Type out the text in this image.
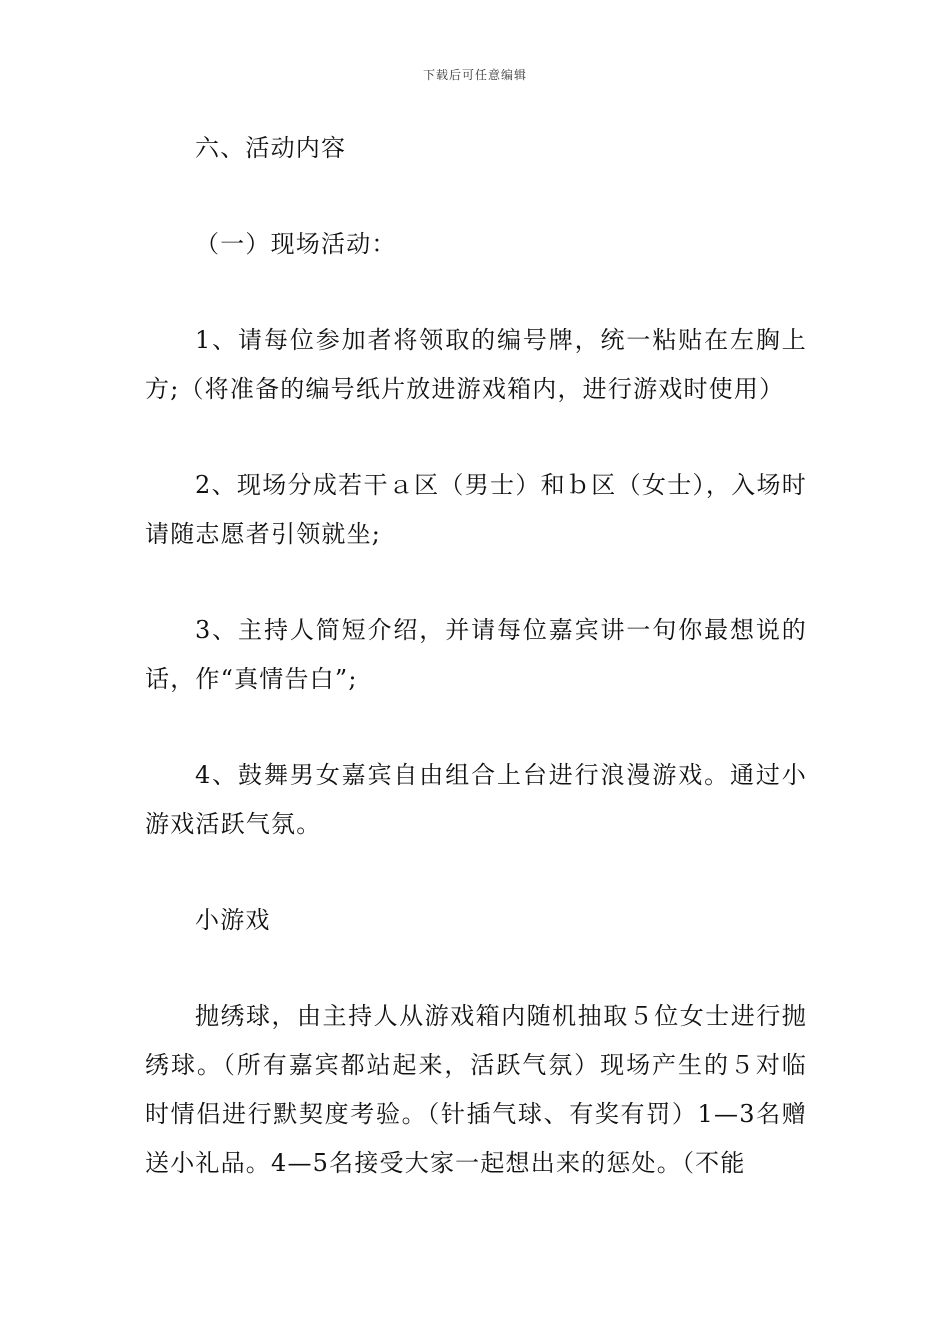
下载后可任意编辑

六、活动内容

（一）现场活动：

1、请每位参加者将领取的编号牌，统一粘贴在左胸上方;（将准备的编号纸片放进游戏箱内，进行游戏时使用）

2、现场分成若干ａ区（男士）和ｂ区（女士），入场时请随志愿者引领就坐;

3、主持人简短介绍，并请每位嘉宾讲一句你最想说的话，作“真情告白”;

4、鼓舞男女嘉宾自由组合上台进行浪漫游戏。通过小游戏活跃气氛。

小游戏

抛绣球，由主持人从游戏箱内随机抽取５位女士进行抛绣球。（所有嘉宾都站起来，活跃气氛）现场产生的５对临时情侣进行默契度考验。（针插气球、有奖有罚）1—3名赠送小礼品。4—5名接受大家一起想出来的惩处。（不能
